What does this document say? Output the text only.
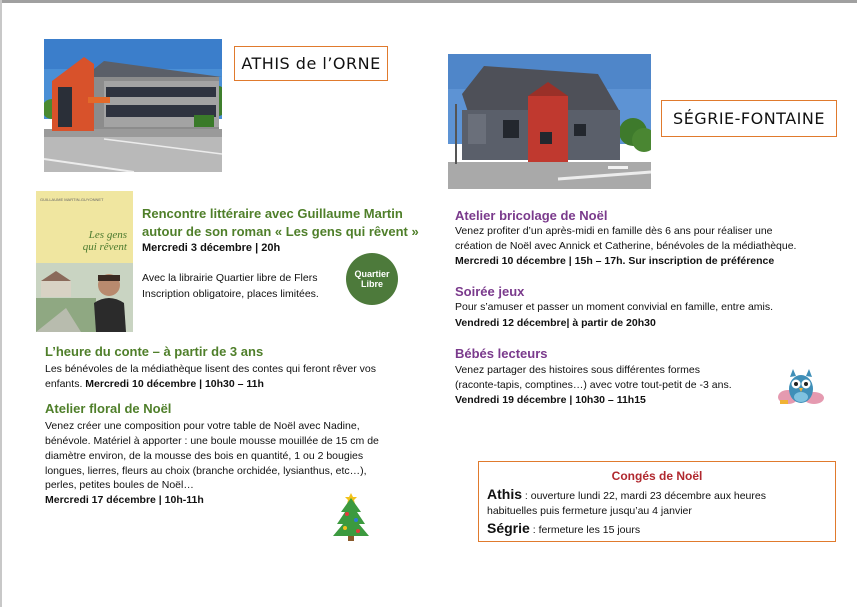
ATHIS de l’ORNE
SÉGRIE-FONTAINE
GUILLAUME MARTIN-GUYONNET
Les gens
qui rêvent
Rencontre littéraire avec Guillaume Martin
autour de son roman « Les gens qui rêvent »
Mercredi 3 décembre | 20h
Avec la librairie Quartier libre de Flers
Inscription obligatoire, places limitées.
Quartier Libre
L’heure du conte – à partir de 3 ans
Les bénévoles de la médiathèque lisent des contes qui feront rêver vos
enfants. Mercredi 10 décembre | 10h30 – 11h
Atelier floral de Noël
Venez créer une composition pour votre table de Noël avec Nadine,
bénévole. Matériel à apporter : une boule mousse mouillée de 15 cm de
diamètre environ, de la mousse des bois en quantité, 1 ou 2 bougies
longues, lierres, fleurs au choix (branche orchidée, lysianthus, etc…),
perles, petites boules de Noël…
Mercredi 17 décembre | 10h-11h
Atelier bricolage de Noël
Venez profiter d’un après-midi en famille dès 6 ans pour réaliser une
création de Noël avec Annick et Catherine, bénévoles de la médiathèque.
Mercredi 10 décembre | 15h – 17h. Sur inscription de préférence
Soirée jeux
Pour s’amuser et passer un moment convivial en famille, entre amis.
Vendredi 12 décembre| à partir de 20h30
Bébés lecteurs
Venez partager des histoires sous différentes formes
(raconte-tapis, comptines…) avec votre tout-petit de -3 ans.
Vendredi 19 décembre | 10h30 – 11h15
Congés de Noël
Athis : ouverture lundi 22, mardi 23 décembre aux heures
habituelles puis fermeture jusqu’au 4 janvier
Ségrie : fermeture les 15 jours
